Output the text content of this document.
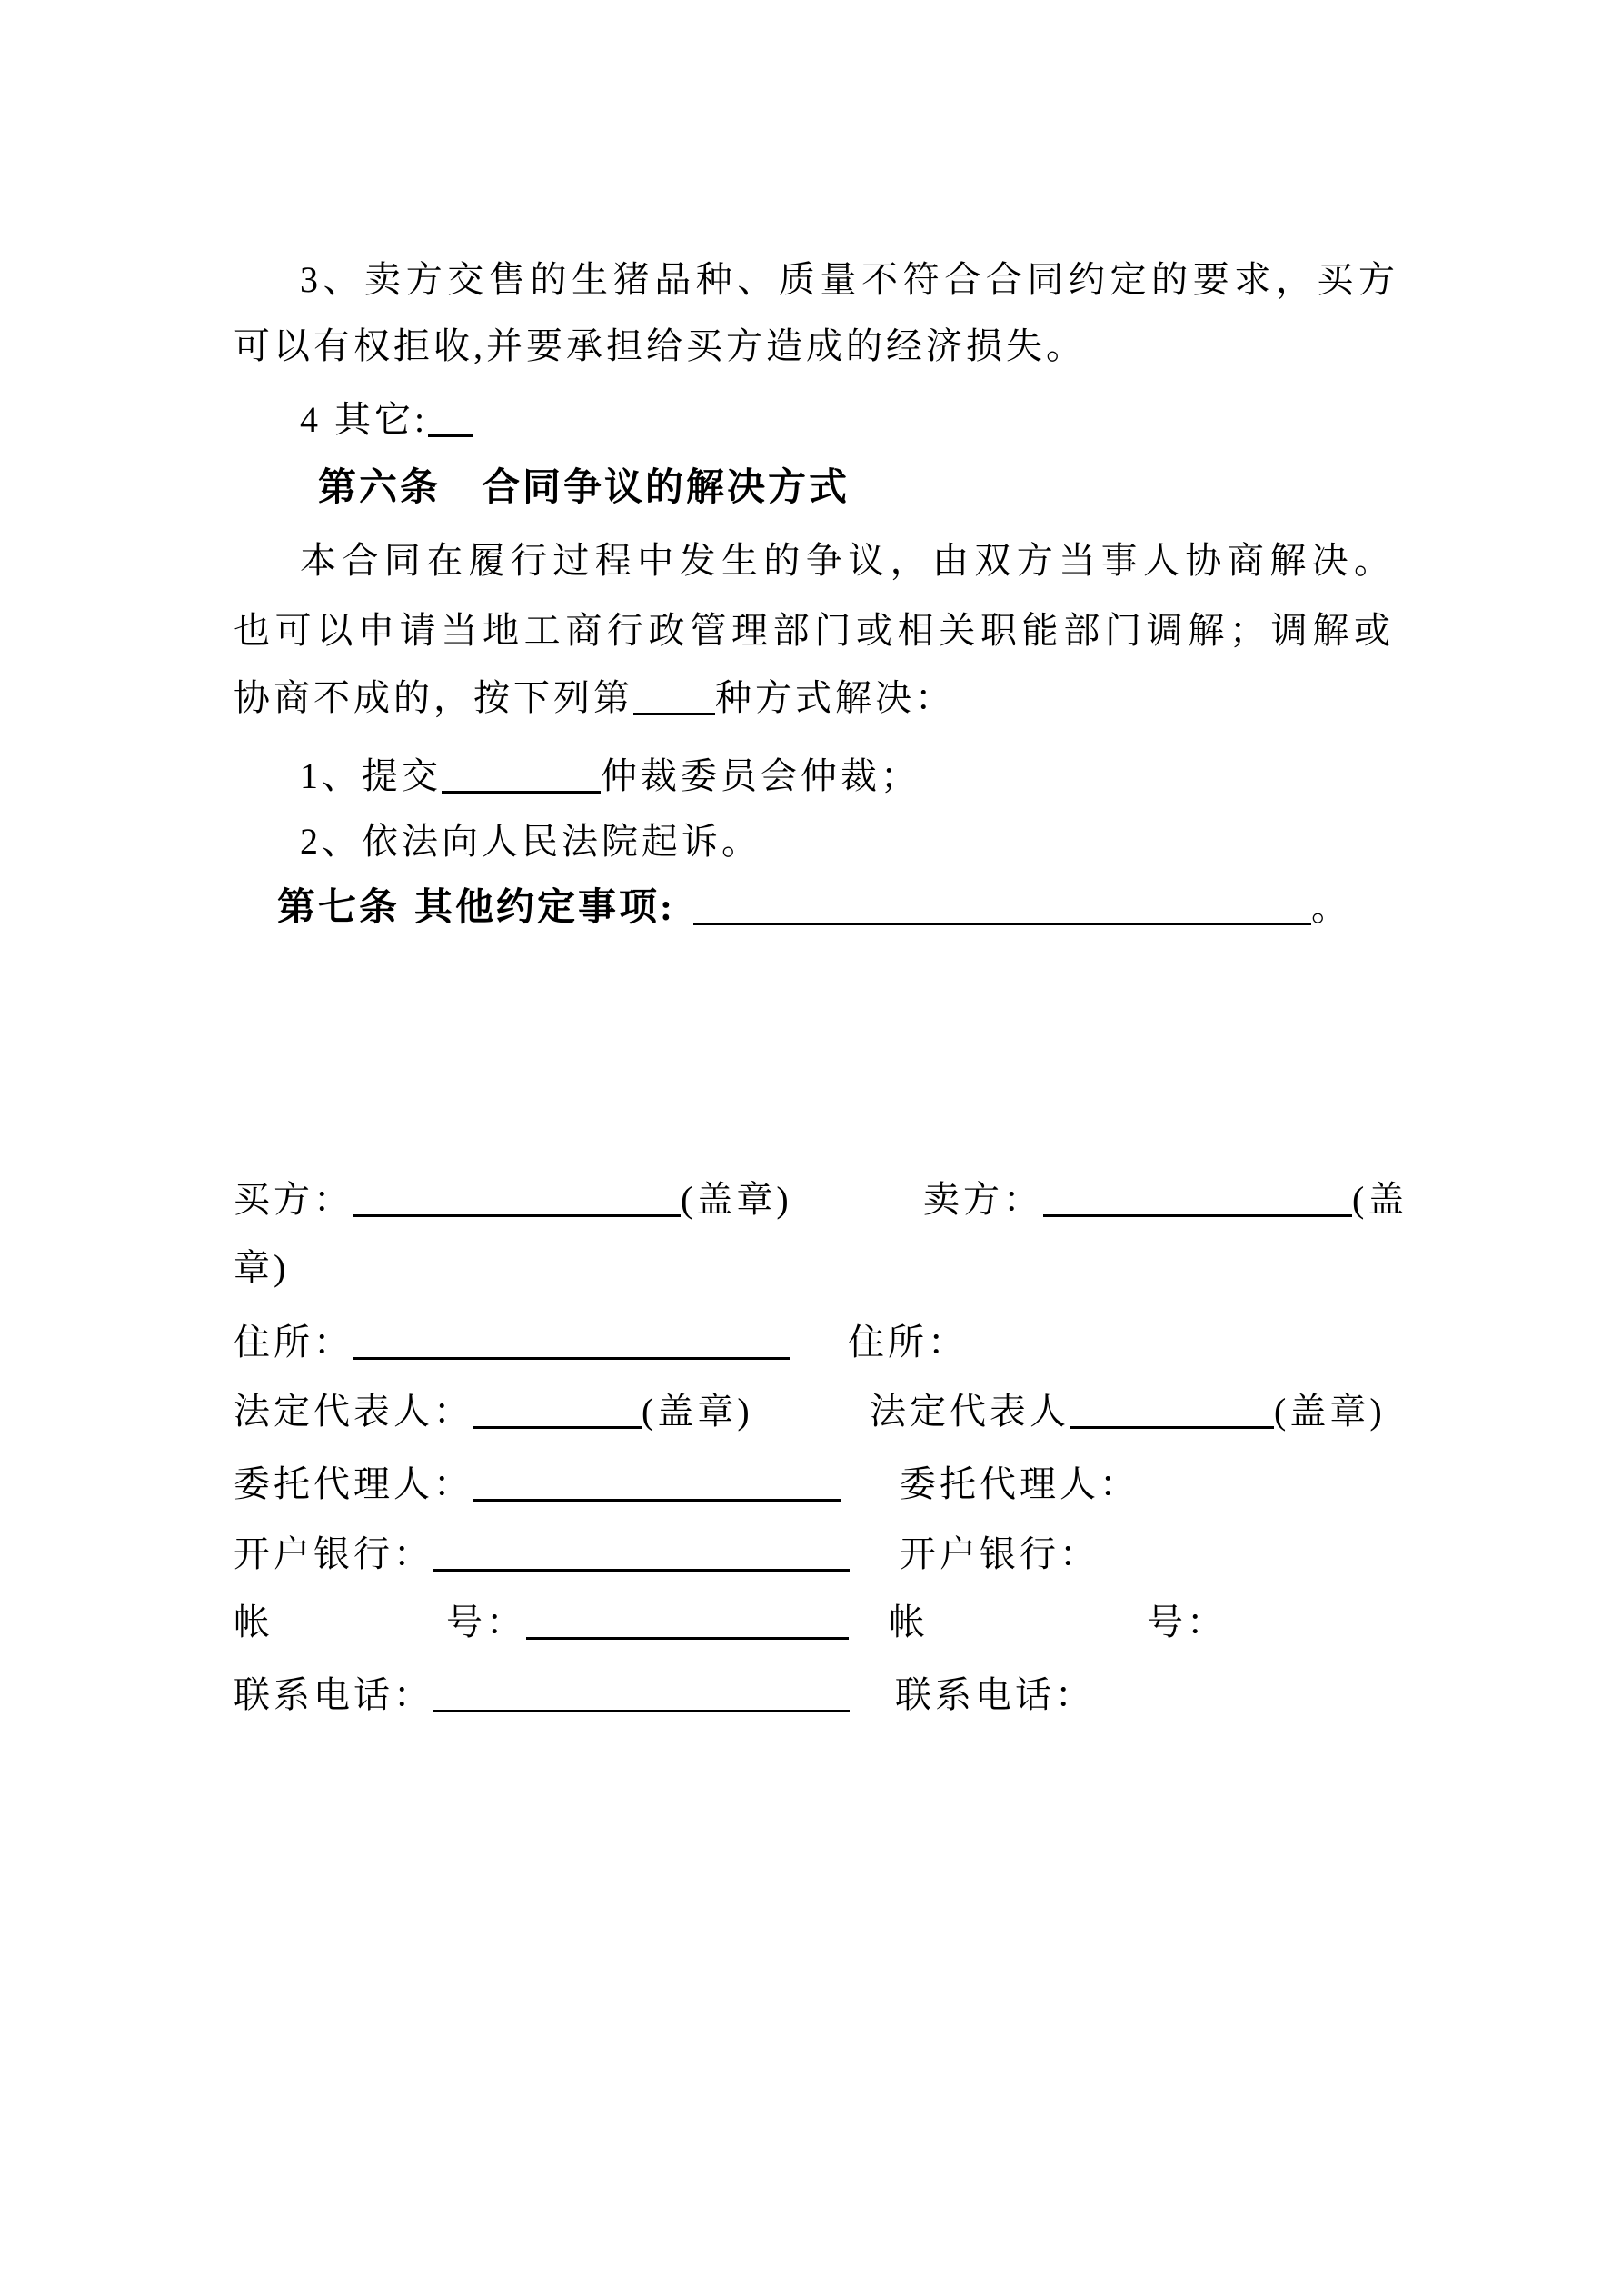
3、卖方交售的生猪品种、质量不符合合同约定的要求，买方
可以有权拒收,并要承担给买方造成的经济损失。
4 其它:
第六条 合同争议的解决方式
本合同在履行过程中发生的争议，由双方当事人协商解决。
也可以申请当地工商行政管理部门或相关职能部门调解；调解或
协商不成的，按下列第 种方式解决：
1、提交	仲裁委员会仲裁；
2、依法向人民法院起诉。
第七条 其他约定事项:	。
买方：	(盖章)	卖方：	(盖
章)
住所：	住所：
法定代表人：	(盖章)	法定代表人	(盖章)
委托代理人：	委托代理人：
开户银行：	开户银行：
帐	号：	帐	号：
联系电话：	联系电话：
